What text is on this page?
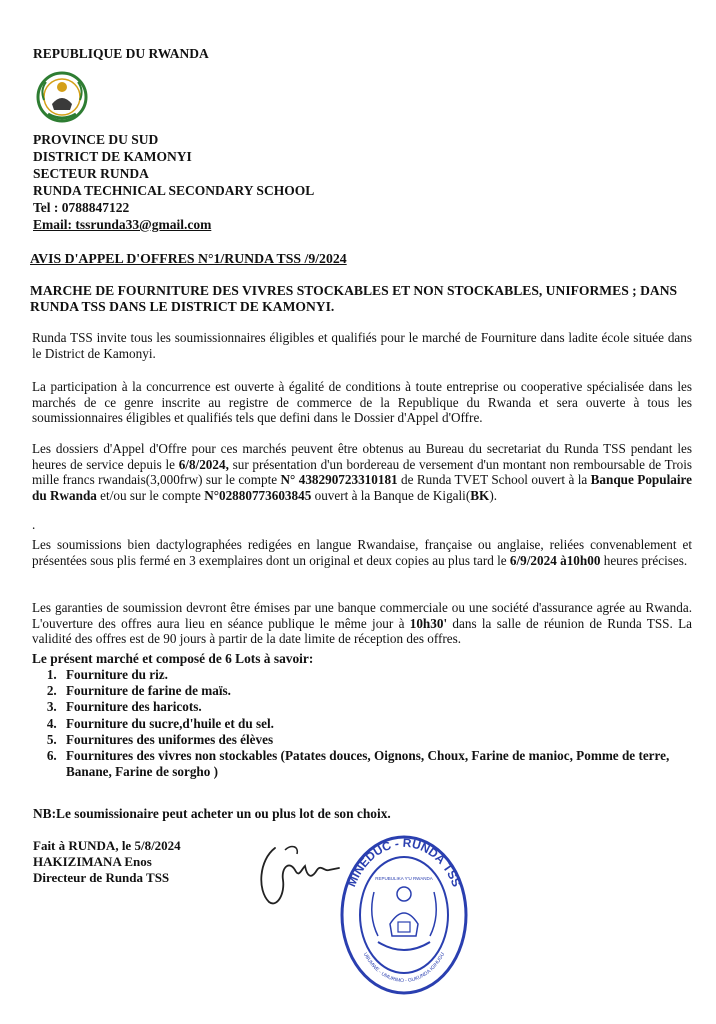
REPUBLIQUE DU RWANDA
PROVINCE DU SUD
DISTRICT DE KAMONYI
SECTEUR RUNDA
RUNDA TECHNICAL SECONDARY SCHOOL
Tel : 0788847122
Email: tssrunda33@gmail.com
AVIS D'APPEL D'OFFRES N°1/RUNDA TSS /9/2024
MARCHE DE FOURNITURE DES VIVRES STOCKABLES ET NON STOCKABLES, UNIFORMES ; DANS RUNDA TSS DANS LE DISTRICT DE KAMONYI.
Runda TSS invite tous les soumissionnaires éligibles et qualifiés pour le marché de Fourniture dans ladite école située dans le District de Kamonyi.
La participation à la concurrence est ouverte à égalité de conditions à toute entreprise ou cooperative spécialisée dans les marchés de ce genre inscrite au registre de commerce de la Republique du Rwanda et sera ouverte à tous les soumissionnaires éligibles et qualifiés tels que defini dans le Dossier d'Appel d'Offre.
Les dossiers d'Appel d'Offre pour ces marchés peuvent être obtenus au Bureau du secretariat du Runda TSS pendant les heures de service depuis le 6/8/2024, sur présentation d'un bordereau de versement d'un montant non remboursable de Trois mille francs rwandais(3,000frw) sur le compte N° 438290723310181 de Runda TVET School ouvert à la Banque Populaire du Rwanda et/ou sur le compte N°02880773603845 ouvert à la Banque de Kigali(BK).
.
Les soumissions bien dactylographées redigées en langue Rwandaise, française ou anglaise, reliées convenablement et présentées sous plis fermé en 3 exemplaires dont un original et deux copies au plus tard le 6/9/2024 à10h00 heures précises.
Les garanties de soumission devront être émises par une banque commerciale ou une société d'assurance agrée au Rwanda. L'ouverture des offres aura lieu en séance publique le même jour à 10h30' dans la salle de réunion de Runda TSS. La validité des offres est de 90 jours à partir de la date limite de réception des offres.
Le présent marché et composé de 6 Lots à savoir:
1. Fourniture du riz.
2. Fourniture de farine de maïs.
3. Fourniture des haricots.
4. Fourniture du sucre,d'huile et du sel.
5. Fournitures des uniformes des élèves
6. Fournitures des vivres non stockables (Patates douces, Oignons, Choux, Farine de manioc, Pomme de terre, Banane, Farine de sorgho )
NB:Le soumissionaire peut acheter un ou plus lot de son choix.
Fait à RUNDA, le 5/8/2024
HAKIZIMANA Enos
Directeur de Runda TSS	MINEDUC - RUNDA TSS
UBUMWE - UMURIMO - GUKUNDA IGIHUGU
REPUBULIKA Y'U RWANDA
